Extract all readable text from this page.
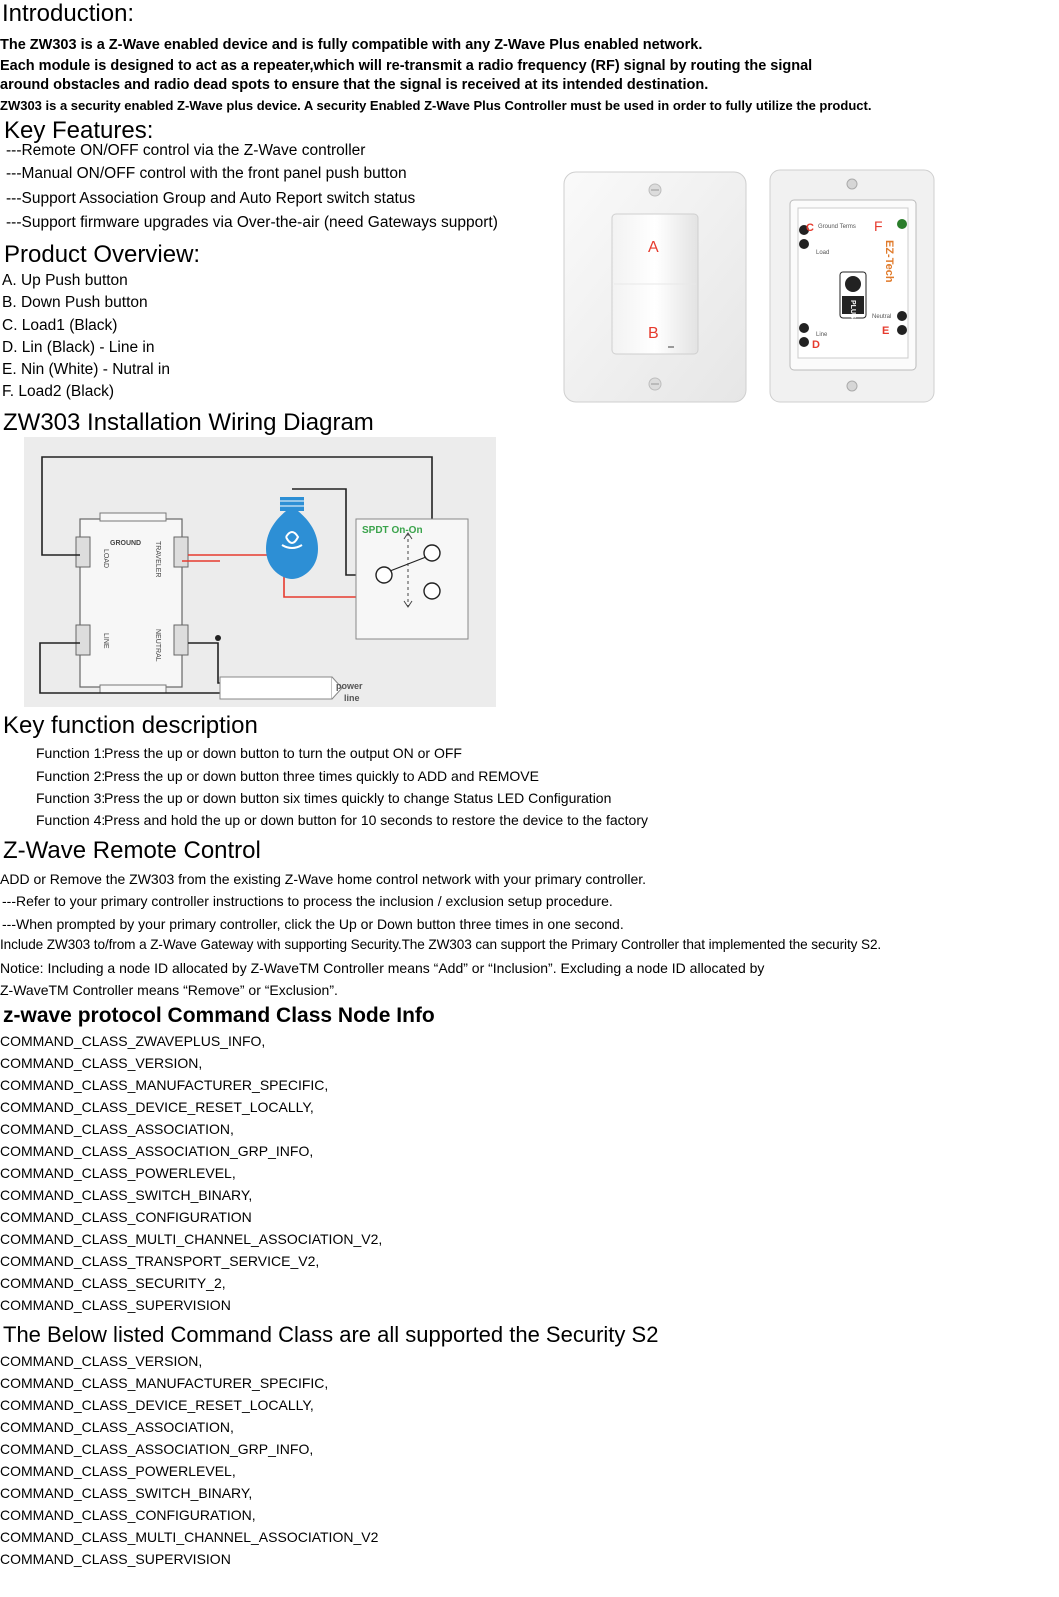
Introduction:
The ZW303 is a Z-Wave enabled device and is fully compatible with any Z-Wave Plus enabled network.
Each module is designed to act as a repeater,which will re-transmit a radio frequency (RF) signal by routing the signal
around obstacles and radio dead spots to ensure that the signal is received at its intended destination.
ZW303 is a security enabled Z-Wave plus device. A security Enabled Z-Wave Plus Controller must be used in order to fully utilize the product.
Key Features:
---Remote ON/OFF control via the Z-Wave controller
---Manual ON/OFF control with the front panel push button
---Support Association Group and Auto Report switch status
---Support firmware upgrades via Over-the-air (need Gateways support)
Product Overview:
A. Up Push button
B. Down Push button
C. Load1 (Black)
D. Lin (Black) - Line in
E. Nin (White) - Nutral in
F. Load2 (Black)
A
B
C
D
E
F
Ground Terms
Load
Line
Neutral
EZ-Tech
PLUS
ZW303 Installation Wiring Diagram
GROUND
LOAD	TRAVELER
LINE	NEUTRAL
SPDT On-On
power
line
Key function description
Function 1:
Press the up or down button to turn the output ON or OFF
Function 2:
Press the up or down button three times quickly to ADD and REMOVE
Function 3:
Press the up or down button six times quickly to change Status LED Configuration
Function 4:
Press and hold the up or down button for 10 seconds to restore the device to the factory
Z-Wave Remote Control
ADD or Remove the ZW303 from the existing Z-Wave home control network with your primary controller.
---Refer to your primary controller instructions to process the inclusion / exclusion setup procedure.
---When prompted by your primary controller, click the Up or Down button three times in one second.
Include ZW303 to/from a Z-Wave Gateway with supporting Security.The ZW303 can support the Primary Controller that implemented the security S2.
Notice: Including a node ID allocated by Z-WaveTM Controller means “Add” or “Inclusion”. Excluding a node ID allocated by
Z-WaveTM Controller means “Remove” or “Exclusion”.
z-wave protocol Command Class Node Info
COMMAND_CLASS_ZWAVEPLUS_INFO,
COMMAND_CLASS_VERSION,
COMMAND_CLASS_MANUFACTURER_SPECIFIC,
COMMAND_CLASS_DEVICE_RESET_LOCALLY,
COMMAND_CLASS_ASSOCIATION,
COMMAND_CLASS_ASSOCIATION_GRP_INFO,
COMMAND_CLASS_POWERLEVEL,
COMMAND_CLASS_SWITCH_BINARY,
COMMAND_CLASS_CONFIGURATION
COMMAND_CLASS_MULTI_CHANNEL_ASSOCIATION_V2,
COMMAND_CLASS_TRANSPORT_SERVICE_V2,
COMMAND_CLASS_SECURITY_2,
COMMAND_CLASS_SUPERVISION
The Below listed Command Class are all supported the Security S2
COMMAND_CLASS_VERSION,
COMMAND_CLASS_MANUFACTURER_SPECIFIC,
COMMAND_CLASS_DEVICE_RESET_LOCALLY,
COMMAND_CLASS_ASSOCIATION,
COMMAND_CLASS_ASSOCIATION_GRP_INFO,
COMMAND_CLASS_POWERLEVEL,
COMMAND_CLASS_SWITCH_BINARY,
COMMAND_CLASS_CONFIGURATION,
COMMAND_CLASS_MULTI_CHANNEL_ASSOCIATION_V2
COMMAND_CLASS_SUPERVISION
